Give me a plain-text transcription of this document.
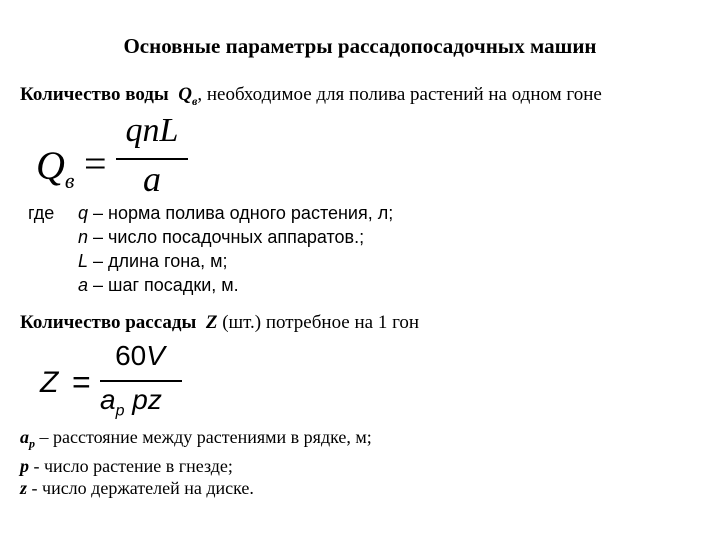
Основные параметры рассадопосадочных машин
Количество воды $Q_в$, необходимое для полива растений на одном гоне
$Q_в$ =
qnL
a
где q – норма полива одного растения, л;
n – число посадочных аппаратов.;
L – длина гона, м;
a – шаг посадки, м.
Количество рассады Z (шт.) потребное на 1 гон
Z =
60V
$a_p$ pz
$a_p$ – расстояние между растениями в рядке, м;
p - число растение в гнезде;
z - число держателей на диске.
